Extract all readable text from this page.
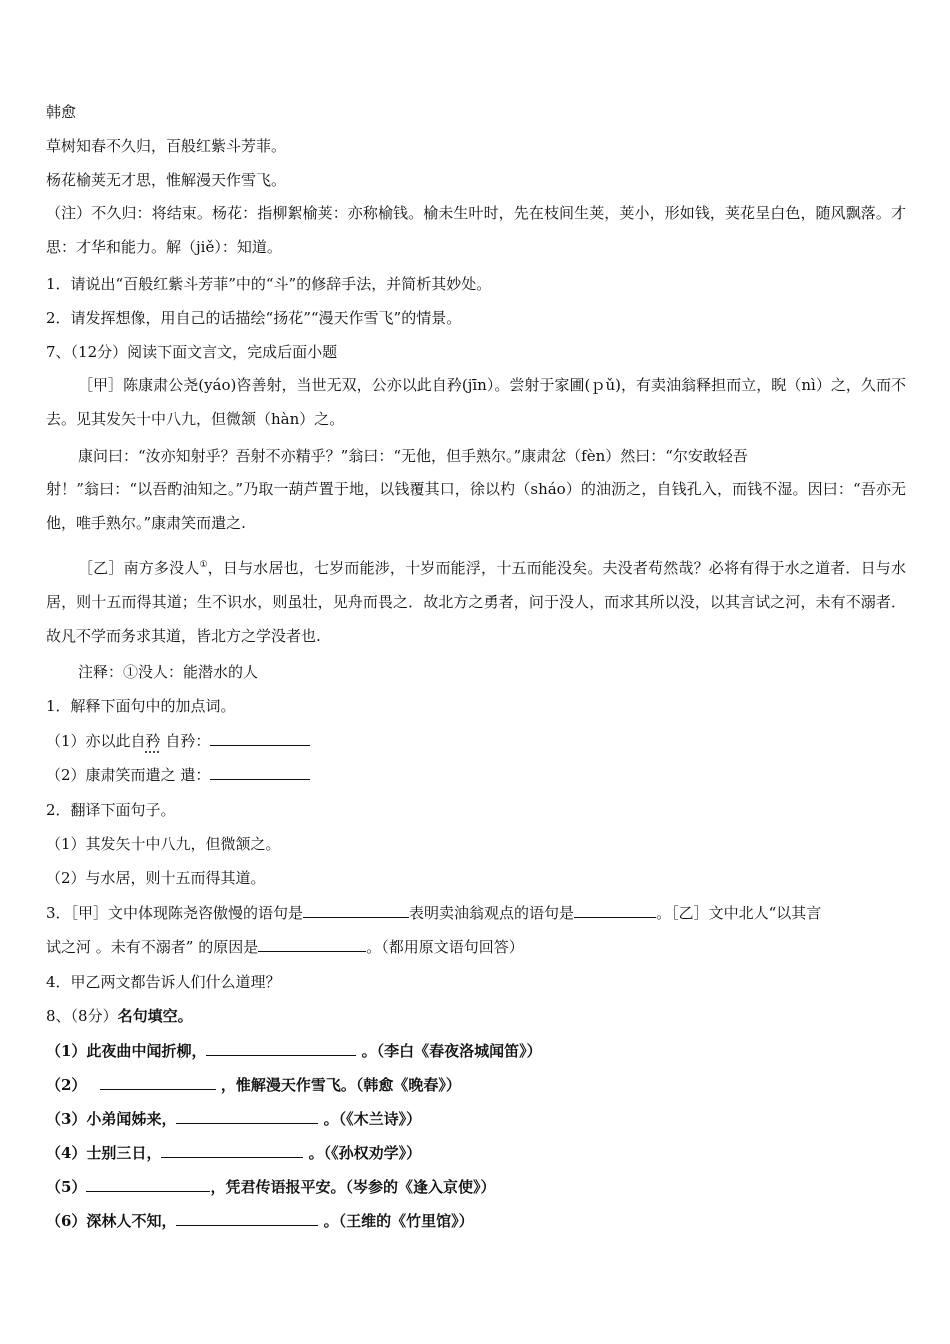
韩愈
草树知春不久归，百般红紫斗芳菲。
杨花榆荚无才思，惟解漫天作雪飞。
（注）不久归：将结束。杨花：指柳絮榆荚：亦称榆钱。榆未生叶时，先在枝间生荚，荚小，形如钱，荚花呈白色，随风飘落。才思：才华和能力。解（jiě）：知道。
1．请说出“百般红紫斗芳菲”中的“斗”的修辞手法，并简析其妙处。
2．请发挥想像，用自己的话描绘“扬花”“漫天作雪飞”的情景。
7、（12分）阅读下面文言文，完成后面小题
［甲］陈康肃公尧(yáo)咨善射，当世无双，公亦以此自矜(jīn）。尝射于家圃(ｐǔ)，有卖油翁释担而立，睨（nì）之，久而不去。见其发矢十中八九，但微颔（hàn）之。
康问曰：“汝亦知射乎？吾射不亦精乎？”翁曰：“无他，但手熟尔。”康肃忿（fèn）然曰：“尔安敢轻吾
射！”翁曰：“以吾酌油知之。”乃取一葫芦置于地，以钱覆其口，徐以杓（sháo）的油沥之，自钱孔入，而钱不湿。因曰：“吾亦无他，唯手熟尔。”康肃笑而遣之.
［乙］南方多没人①，日与水居也，七岁而能涉，十岁而能浮，十五而能没矣。夫没者苟然哉？必将有得于水之道者．日与水居，则十五而得其道；生不识水，则虽壮，见舟而畏之．故北方之勇者，问于没人，而求其所以没，以其言试之河，未有不溺者．故凡不学而务求其道，皆北方之学没者也.
注释：①没人：能潜水的人
1．解释下面句中的加点词。
（1）亦以此自矜 自矜：
（2）康肃笑而遣之 遣：
2．翻译下面句子。
（1）其发矢十中八九，但微颔之。
（2）与水居，则十五而得其道。
3．［甲］文中体现陈尧咨傲慢的语句是	表明卖油翁观点的语句是	。［乙］文中北人“以其言
试之河 。未有不溺者” 的原因是	。（都用原文语句回答）
4．甲乙两文都告诉人们什么道理？
8、（8分）名句填空。
（1）此夜曲中闻折柳，	。（李白《春夜洛城闻笛》）
（2）	，惟解漫天作雪飞。（韩愈《晚春》）
（3）小弟闻姊来，	。（《木兰诗》）
（4）士别三日，	。（《孙权劝学》）
（5）	，凭君传语报平安。（岑参的《逢入京使》）
（6）深林人不知，	。（王维的《竹里馆》）
